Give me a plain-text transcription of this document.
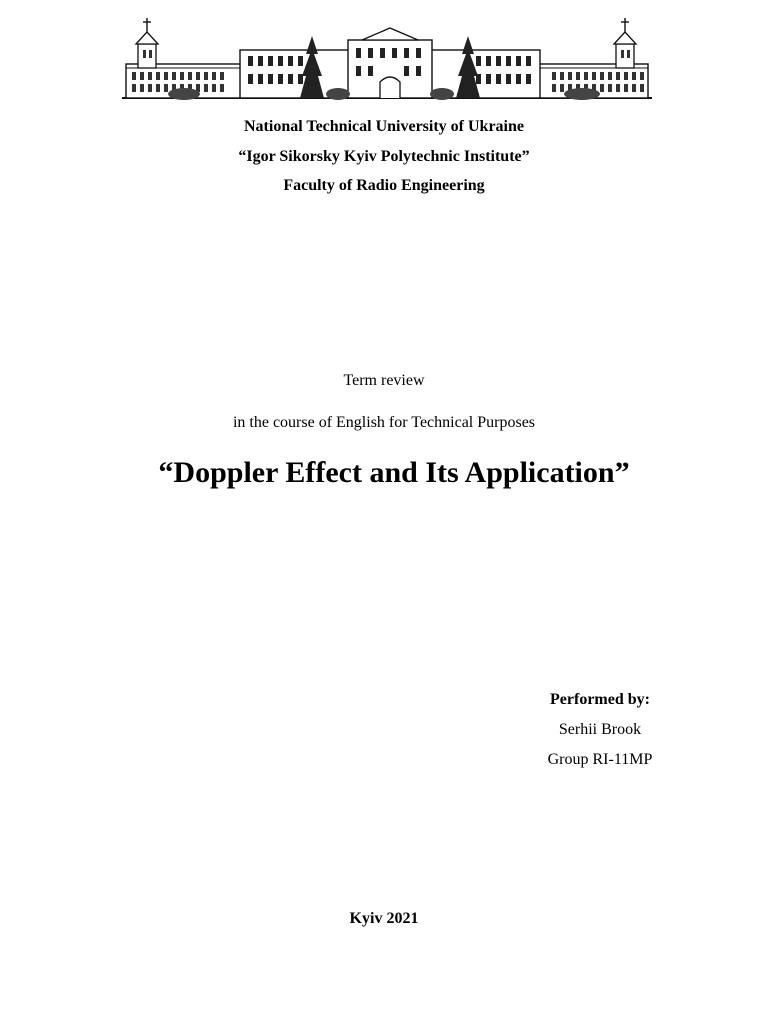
National Technical University of Ukraine
“Igor Sikorsky Kyiv Polytechnic Institute”
Faculty of Radio Engineering
Term review
in the course of English for Technical Purposes
“Doppler Effect and Its Application”
Performed by:
Serhii Brook
Group RI-11MP
Kyiv 2021
